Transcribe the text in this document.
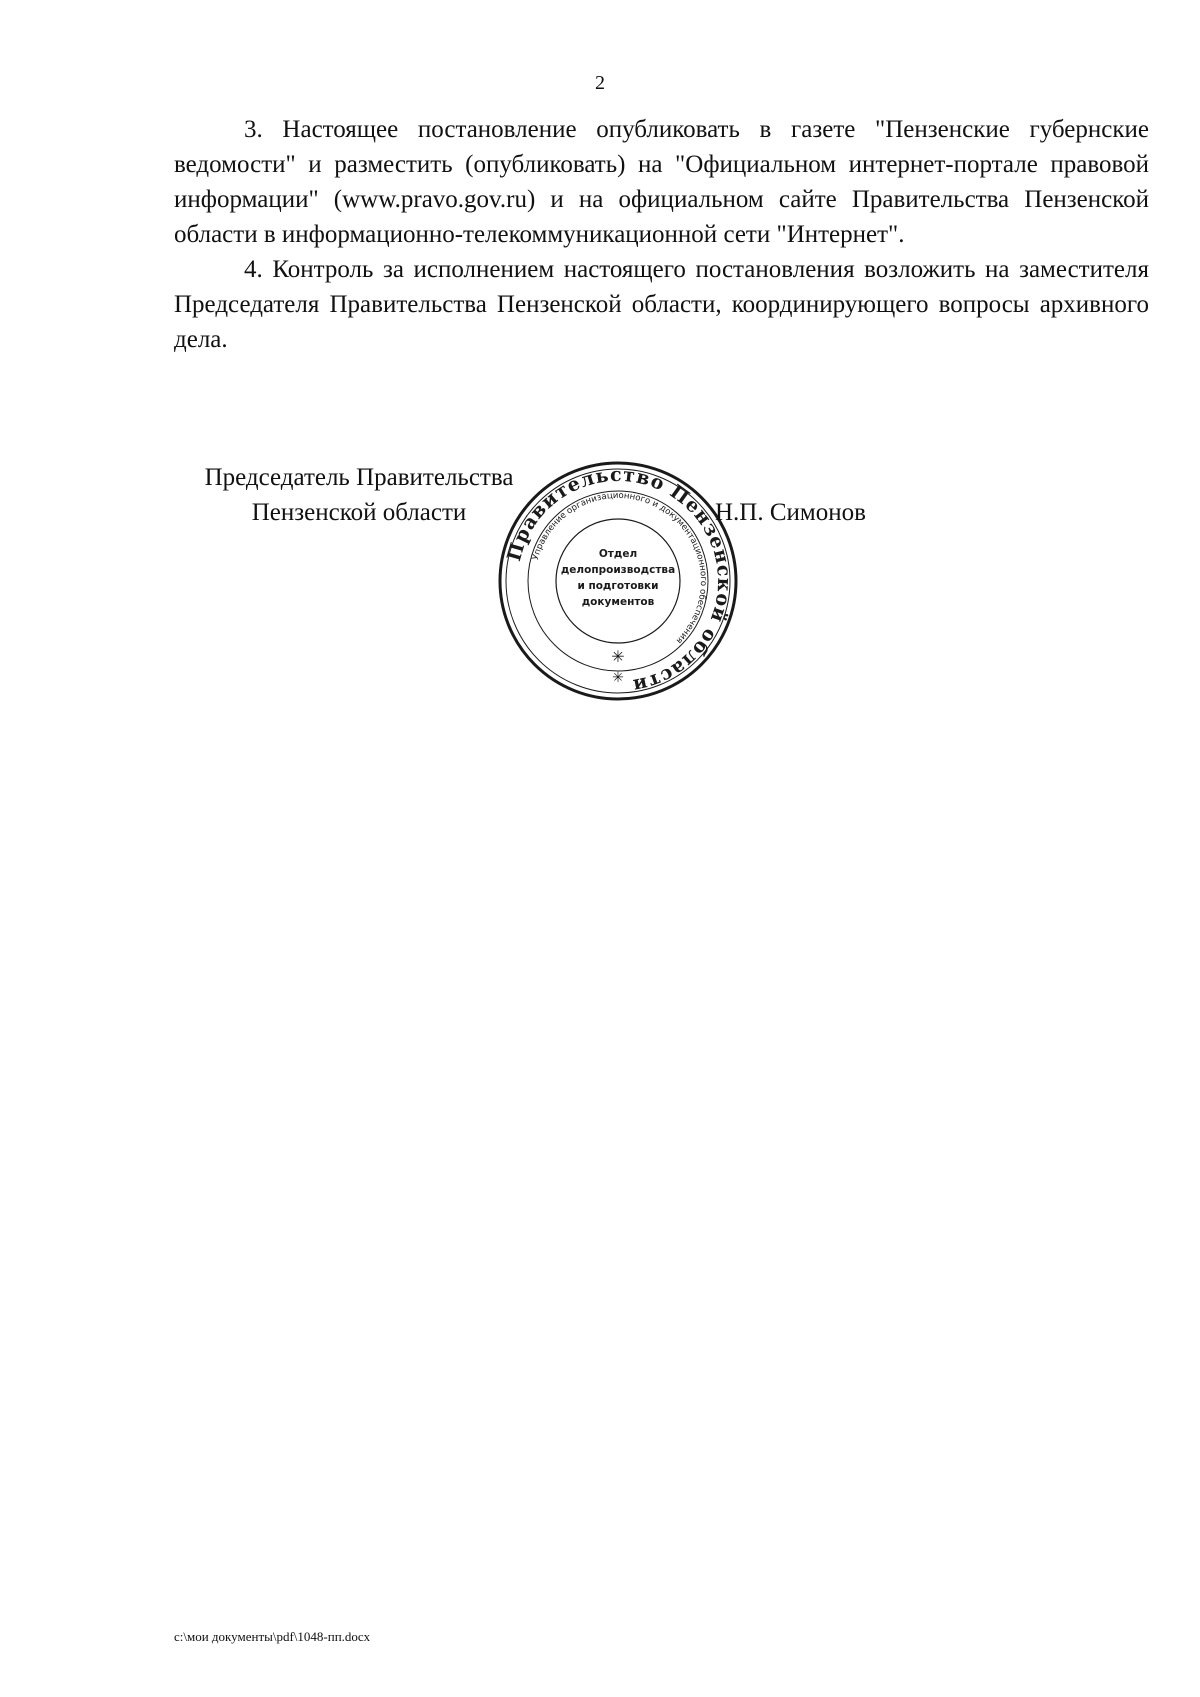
2

3. Настоящее постановление опубликовать в газете "Пензенские губернские ведомости" и разместить (опубликовать) на "Официальном интернет-портале правовой информации" (www.pravo.gov.ru) и на официальном сайте Правительства Пензенской области в информационно-телекоммуникационной сети "Интернет".

4. Контроль за исполнением настоящего постановления возложить на заместителя Председателя Правительства Пензенской области, координирующего вопросы архивного дела.

Председатель Правительства
Пензенской области
Правительство Пензенской области
Управление организационного и документационного обеспечения
Отдел
делопроизводства
и подготовки
документов
✳
✳
Н.П. Симонов
c:\мои документы\pdf\1048-пп.docx
